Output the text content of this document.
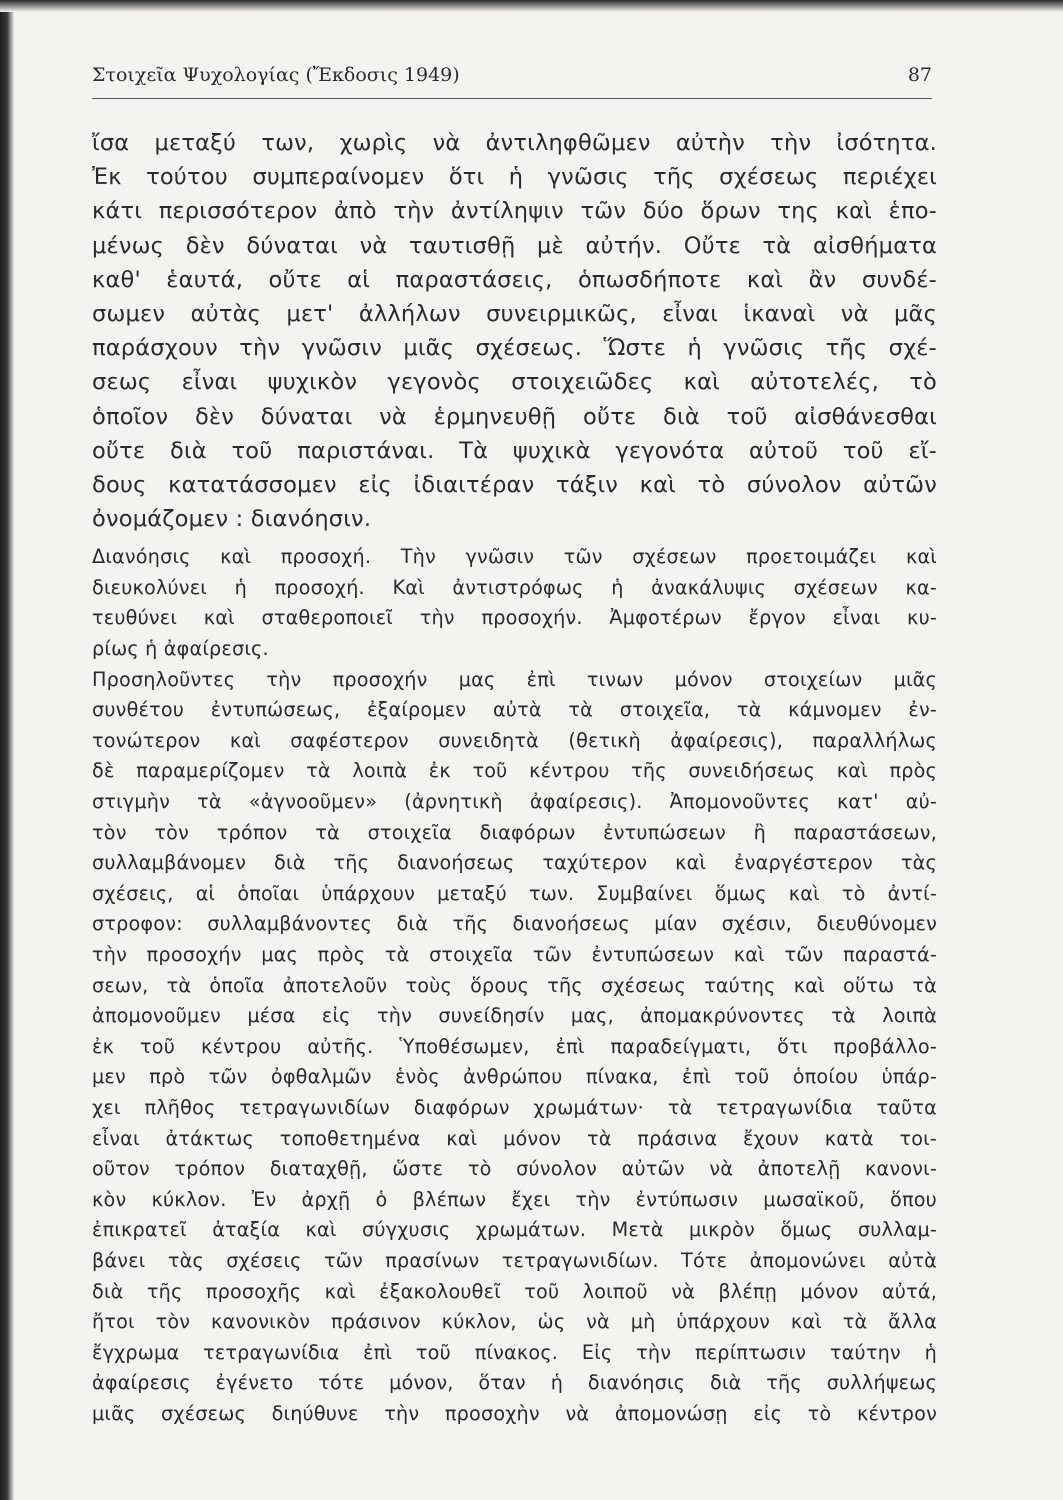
Στοιχεῖα Ψυχολογίας (Ἔκδοσις 1949)	87
ἴσα μεταξύ των, χωρὶς νὰ ἀντιληφθῶμεν αὐτὴν τὴν ἰσότητα.
Ἐκ τούτου συμπεραίνομεν ὅτι ἡ γνῶσις τῆς σχέσεως περιέχει
κάτι περισσότερον ἀπὸ τὴν ἀντίληψιν τῶν δύο ὅρων της καὶ ἑπο-
μένως δὲν δύναται νὰ ταυτισθῇ μὲ αὐτήν. Οὔτε τὰ αἰσθήματα
καθ' ἑαυτά, οὔτε αἱ παραστάσεις, ὁπωσδήποτε καὶ ἂν συνδέ-
σωμεν αὐτὰς μετ' ἀλλήλων συνειρμικῶς, εἶναι ἱκαναὶ νὰ μᾶς
παράσχουν τὴν γνῶσιν μιᾶς σχέσεως. Ὥστε ἡ γνῶσις τῆς σχέ-
σεως εἶναι ψυχικὸν γεγονὸς στοιχειῶδες καὶ αὐτοτελές, τὸ
ὁποῖον δὲν δύναται νὰ ἑρμηνευθῇ οὔτε διὰ τοῦ αἰσθάνεσθαι
οὔτε διὰ τοῦ παριστάναι. Τὰ ψυχικὰ γεγονότα αὐτοῦ τοῦ εἴ-
δους κατατάσσομεν εἰς ἰδιαιτέραν τάξιν καὶ τὸ σύνολον αὐτῶν
ὀνομάζομεν : διανόησιν.
Διανόησις καὶ προσοχή. Τὴν γνῶσιν τῶν σχέσεων προετοιμάζει καὶ
διευκολύνει ἡ προσοχή. Καὶ ἀντιστρόφως ἡ ἀνακάλυψις σχέσεων κα-
τευθύνει καὶ σταθεροποιεῖ τὴν προσοχήν. Ἀμφοτέρων ἔργον εἶναι κυ-
ρίως ἡ ἀφαίρεσις.
Προσηλοῦντες τὴν προσοχήν μας ἐπὶ τινων μόνον στοιχείων μιᾶς
συνθέτου ἐντυπώσεως, ἐξαίρομεν αὐτὰ τὰ στοιχεῖα, τὰ κάμνομεν ἐν-
τονώτερον καὶ σαφέστερον συνειδητὰ (θετικὴ ἀφαίρεσις), παραλλήλως
δὲ παραμερίζομεν τὰ λοιπὰ ἐκ τοῦ κέντρου τῆς συνειδήσεως καὶ πρὸς
στιγμὴν τὰ «ἀγνοοῦμεν» (ἀρνητικὴ ἀφαίρεσις). Ἀπομονοῦντες κατ' αὐ-
τὸν τὸν τρόπον τὰ στοιχεῖα διαφόρων ἐντυπώσεων ἢ παραστάσεων,
συλλαμβάνομεν διὰ τῆς διανοήσεως ταχύτερον καὶ ἐναργέστερον τὰς
σχέσεις, αἱ ὁποῖαι ὑπάρχουν μεταξύ των. Συμβαίνει ὅμως καὶ τὸ ἀντί-
στροφον: συλλαμβάνοντες διὰ τῆς διανοήσεως μίαν σχέσιν, διευθύνομεν
τὴν προσοχήν μας πρὸς τὰ στοιχεῖα τῶν ἐντυπώσεων καὶ τῶν παραστά-
σεων, τὰ ὁποῖα ἀποτελοῦν τοὺς ὅρους τῆς σχέσεως ταύτης καὶ οὕτω τὰ
ἀπομονοῦμεν μέσα εἰς τὴν συνείδησίν μας, ἀπομακρύνοντες τὰ λοιπὰ
ἐκ τοῦ κέντρου αὐτῆς. Ὑποθέσωμεν, ἐπὶ παραδείγματι, ὅτι προβάλλο-
μεν πρὸ τῶν ὀφθαλμῶν ἑνὸς ἀνθρώπου πίνακα, ἐπὶ τοῦ ὁποίου ὑπάρ-
χει πλῆθος τετραγωνιδίων διαφόρων χρωμάτων· τὰ τετραγωνίδια ταῦτα
εἶναι ἀτάκτως τοποθετημένα καὶ μόνον τὰ πράσινα ἔχουν κατὰ τοι-
οῦτον τρόπον διαταχθῇ, ὥστε τὸ σύνολον αὐτῶν νὰ ἀποτελῇ κανονι-
κὸν κύκλον. Ἐν ἀρχῇ ὁ βλέπων ἔχει τὴν ἐντύπωσιν μωσαϊκοῦ, ὅπου
ἐπικρατεῖ ἀταξία καὶ σύγχυσις χρωμάτων. Μετὰ μικρὸν ὅμως συλλαμ-
βάνει τὰς σχέσεις τῶν πρασίνων τετραγωνιδίων. Τότε ἀπομονώνει αὐτὰ
διὰ τῆς προσοχῆς καὶ ἐξακολουθεῖ τοῦ λοιποῦ νὰ βλέπῃ μόνον αὐτά,
ἤτοι τὸν κανονικὸν πράσινον κύκλον, ὡς νὰ μὴ ὑπάρχουν καὶ τὰ ἄλλα
ἔγχρωμα τετραγωνίδια ἐπὶ τοῦ πίνακος. Εἰς τὴν περίπτωσιν ταύτην ἡ
ἀφαίρεσις ἐγένετο τότε μόνον, ὅταν ἡ διανόησις διὰ τῆς συλλήψεως
μιᾶς σχέσεως διηύθυνε τὴν προσοχὴν νὰ ἀπομονώσῃ εἰς τὸ κέντρον
